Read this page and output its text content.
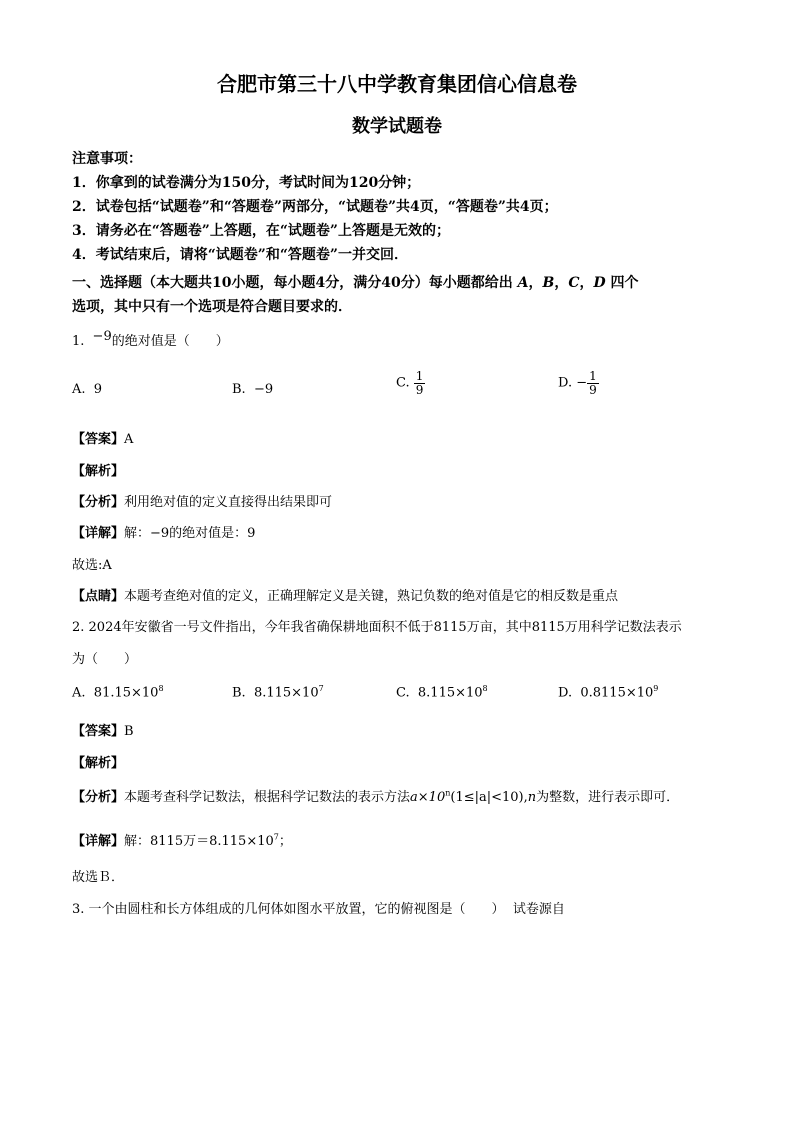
合肥市第三十八中学教育集团信心信息卷
数学试题卷
注意事项：
1．你拿到的试卷满分为150分，考试时间为120分钟；
2．试卷包括“试题卷”和“答题卷”两部分，“试题卷”共4页，“答题卷”共4页；
3．请务必在“答题卷”上答题，在“试题卷”上答题是无效的；
4．考试结束后，请将“试题卷”和“答题卷”一并交回．
一、选择题（本大题共10小题，每小题4分，满分40分）每小题都给出 A，B，C，D 四个
选项，其中只有一个选项是符合题目要求的．
1. −9的绝对值是（　　）
A. 9	B. −9	C. $\frac{1}{9}$	D. − $\frac{1}{9}$
【答案】A
【解析】
【分析】利用绝对值的定义直接得出结果即可
【详解】解：−9的绝对值是：9
故选:A
【点睛】本题考查绝对值的定义，正确理解定义是关键，熟记负数的绝对值是它的相反数是重点
2. 2024年安徽省一号文件指出，今年我省确保耕地面积不低于8115万亩，其中8115万用科学记数法表示
为（　　）
A. $81.15\times 10^8$	B. $8.115\times 10^7$	C. $8.115\times 10^8$	D. $0.8115\times 10^9$
【答案】B
【解析】
【分析】本题考查科学记数法，根据科学记数法的表示方法$a\times 10^n(1\le|a|<10),n$为整数，进行表示即可．
【详解】解：8115万$=8.115\times 10^7$；
故选Ｂ．
3. 一个由圆柱和长方体组成的几何体如图水平放置，它的俯视图是（　　） 试卷源自
